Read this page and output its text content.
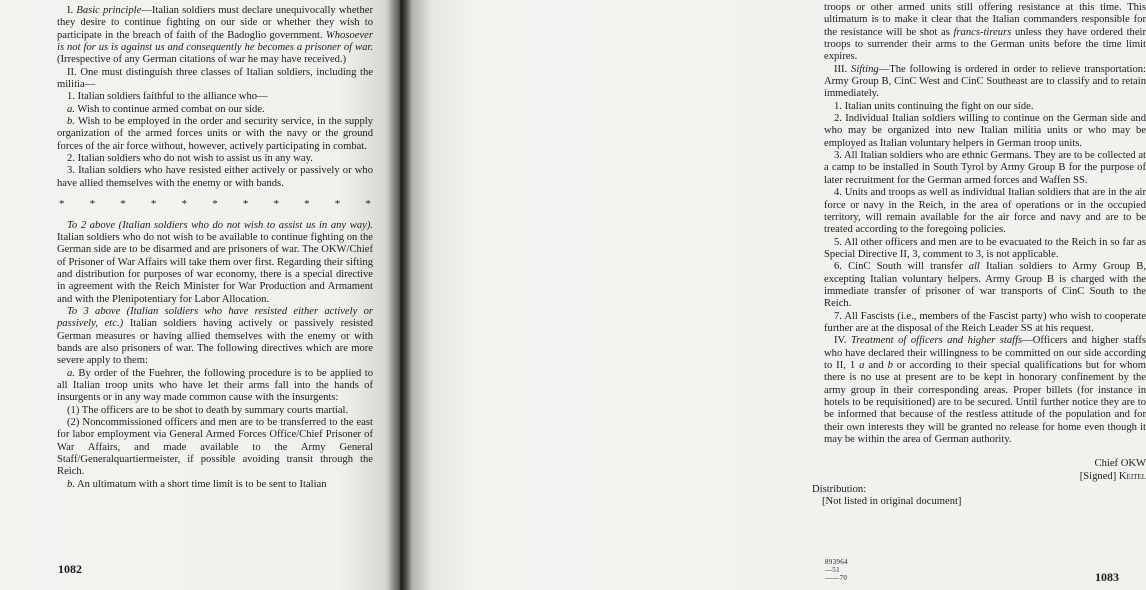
I. Basic principle—Italian soldiers must declare unequivocally whether they desire to continue fighting on our side or whether they wish to participate in the breach of faith of the Badoglio government. Whosoever is not for us is against us and consequently he becomes a prisoner of war. (Irrespective of any German citations of war he may have received.)

II. One must distinguish three classes of Italian soldiers, including the militia—

1. Italian soldiers faithful to the alliance who—

a. Wish to continue armed combat on our side.

b. Wish to be employed in the order and security service, in the supply organization of the armed forces units or with the navy or the ground forces of the air force without, however, actively participating in combat.

2. Italian soldiers who do not wish to assist us in any way.

3. Italian soldiers who have resisted either actively or passively or who have allied themselves with the enemy or with bands.

* * * * * * * * * * *

To 2 above (Italian soldiers who do not wish to assist us in any way). Italian soldiers who do not wish to be available to continue fighting on the German side are to be disarmed and are prisoners of war. The OKW/Chief of Prisoner of War Affairs will take them over first. Regarding their sifting and distribution for purposes of war economy, there is a special directive in agreement with the Reich Minister for War Production and Armament and with the Plenipotentiary for Labor Allocation.

To 3 above (Italian soldiers who have resisted either actively or passively, etc.) Italian soldiers having actively or passively resisted German measures or having allied themselves with the enemy or with bands are also prisoners of war. The following directives which are more severe apply to them:

a. By order of the Fuehrer, the following procedure is to be applied to all Italian troop units who have let their arms fall into the hands of insurgents or in any way made common cause with the insurgents:

(1) The officers are to be shot to death by summary courts martial.

(2) Noncommissioned officers and men are to be transferred to the east for labor employment via General Armed Forces Office/Chief Prisoner of War Affairs, and made available to the Army General Staff/Generalquartiermeister, if possible avoiding transit through the Reich.

b. An ultimatum with a short time limit is to be sent to Italian

1082

troops or other armed units still offering resistance at this time. This ultimatum is to make it clear that the Italian commanders responsible for the resistance will be shot as francs-tireurs unless they have ordered their troops to surrender their arms to the German units before the time limit expires.

III. Sifting—The following is ordered in order to relieve transportation: Army Group B, CinC West and CinC Southeast are to classify and to retain immediately.

1. Italian units continuing the fight on our side.

2. Individual Italian soldiers willing to continue on the German side and who may be organized into new Italian militia units or who may be employed as Italian voluntary helpers in German troop units.

3. All Italian soldiers who are ethnic Germans. They are to be collected at a camp to be installed in South Tyrol by Army Group B for the purpose of later recruitment for the German armed forces and Waffen SS.

4. Units and troops as well as individual Italian soldiers that are in the air force or navy in the Reich, in the area of operations or in the occupied territory, will remain available for the air force and navy and are to be treated according to the foregoing policies.

5. All other officers and men are to be evacuated to the Reich in so far as Special Directive II, 3, comment to 3, is not applicable.

6. CinC South will transfer all Italian soldiers to Army Group B, excepting Italian voluntary helpers. Army Group B is charged with the immediate transfer of prisoner of war transports of CinC South to the Reich.

7. All Fascists (i.e., members of the Fascist party) who wish to cooperate further are at the disposal of the Reich Leader SS at his request.

IV. Treatment of officers and higher staffs—Officers and higher staffs who have declared their willingness to be committed on our side according to II, 1 a and b or according to their special qualifications but for whom there is no use at present are to be kept in honorary confinement by the army group in their corresponding areas. Proper billets (for instance in hotels to be requisitioned) are to be secured. Until further notice they are to be informed that because of the restless attitude of the population and for their own interests they will be granted no release for home even though it may be within the area of German authority.

Chief OKW

[Signed] Keitel

Distribution:

[Not listed in original document]

893964—51——70	1083
